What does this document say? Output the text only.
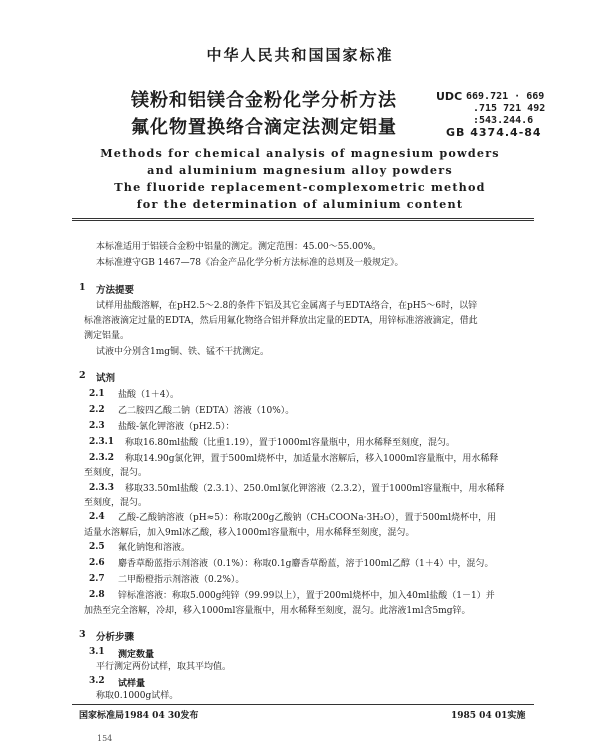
中华人民共和国国家标准
镁粉和铝镁合金粉化学分析方法
氟化物置换络合滴定法测定铝量
UDC 669.721 · 669
.715 721 492
:543.244.6
GB 4374.4-84
Methods for chemical analysis of magnesium powders
and aluminium magnesium alloy powders
The fluoride replacement-complexometric method
for the determination of aluminium content
本标准适用于铝镁合金粉中铝量的测定。测定范围：45.00～55.00%。
本标准遵守GB 1467—78《冶金产品化学分析方法标准的总则及一般规定》。
1 方法提要
试样用盐酸溶解，在pH2.5～2.8的条件下铝及其它金属离子与EDTA络合，在pH5～6时，以锌
标准溶液滴定过量的EDTA，然后用氟化物络合铝并释放出定量的EDTA，用锌标准溶液滴定，借此
测定铝量。
试液中分别含1mg铜、铁、锰不干扰测定。
2 试剂
2.1 盐酸（1＋4）。
2.2 乙二胺四乙酸二钠（EDTA）溶液（10%）。
2.3 盐酸-氯化钾溶液（pH2.5）：
2.3.1 称取16.80ml盐酸（比重1.19），置于1000ml容量瓶中，用水稀释至刻度，混匀。
2.3.2 称取14.90g氯化钾，置于500ml烧杯中，加适量水溶解后，移入1000ml容量瓶中，用水稀释
至刻度，混匀。
2.3.3 移取33.50ml盐酸（2.3.1）、250.0ml氯化钾溶液（2.3.2），置于1000ml容量瓶中，用水稀释
至刻度，混匀。
2.4 乙酸-乙酸钠溶液（pH≈5）：称取200g乙酸钠（CH₃COONa·3H₂O），置于500ml烧杯中，用
适量水溶解后，加入9ml冰乙酸，移入1000ml容量瓶中，用水稀释至刻度，混匀。
2.5 氟化钠饱和溶液。
2.6 麝香草酚蓝指示剂溶液（0.1%）：称取0.1g麝香草酚蓝，溶于100ml乙醇（1＋4）中，混匀。
2.7 二甲酚橙指示剂溶液（0.2%）。
2.8 锌标准溶液：称取5.000g纯锌（99.99以上），置于200ml烧杯中，加入40ml盐酸（1－1）并
加热至完全溶解，冷却，移入1000ml容量瓶中，用水稀释至刻度，混匀。此溶液1ml含5mg锌。
3 分析步骤
3.1 测定数量
平行测定两份试样，取其平均值。
3.2 试样量
称取0.1000g试样。
国家标准局1984 04 30发布	1985 04 01实施
154
